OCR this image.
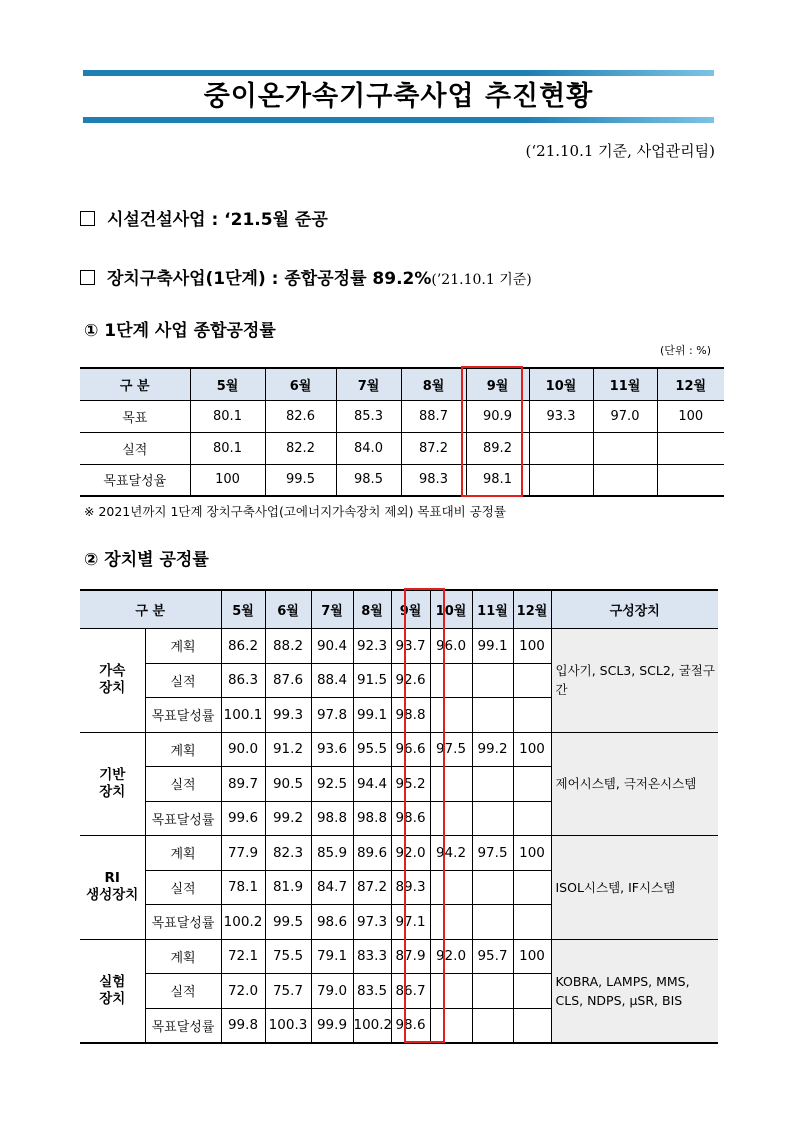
중이온가속기구축사업 추진현황
(‘21.10.1 기준, 사업관리팀)
시설건설사업 : ‘21.5월 준공
장치구축사업(1단계) : 종합공정률 89.2%(’21.10.1 기준)
① 1단계 사업 종합공정률
(단위 : %)
구 분	5월	6월	7월	8월	9월	10월	11월	12월
목표	80.1	82.6	85.3	88.7	90.9	93.3	97.0	100
실적	80.1	82.2	84.0	87.2	89.2			
목표달성율	100	99.5	98.5	98.3	98.1			
※ 2021년까지 1단계 장치구축사업(고에너지가속장치 제외) 목표대비 공정률
② 장치별 공정률
구 분		5월	6월	7월	8월	9월	10월	11월	12월	구성장치
가속
장치	계획	86.2	88.2	90.4	92.3	93.7	96.0	99.1	100	입사기, SCL3, SCL2, 굴절구간
	실적	86.3	87.6	88.4	91.5	92.6				
	목표달성률	100.1	99.3	97.8	99.1	98.8				
기반
장치	계획	90.0	91.2	93.6	95.5	96.6	97.5	99.2	100	제어시스템, 극저온시스템
	실적	89.7	90.5	92.5	94.4	95.2				
	목표달성률	99.6	99.2	98.8	98.8	98.6				
RI
생성장치	계획	77.9	82.3	85.9	89.6	92.0	94.2	97.5	100	ISOL시스템, IF시스템
	실적	78.1	81.9	84.7	87.2	89.3				
	목표달성률	100.2	99.5	98.6	97.3	97.1				
실험
장치	계획	72.1	75.5	79.1	83.3	87.9	92.0	95.7	100	KOBRA, LAMPS, MMS, CLS, NDPS, μSR, BIS
	실적	72.0	75.7	79.0	83.5	86.7				
	목표달성률	99.8	100.3	99.9	100.2	98.6				
